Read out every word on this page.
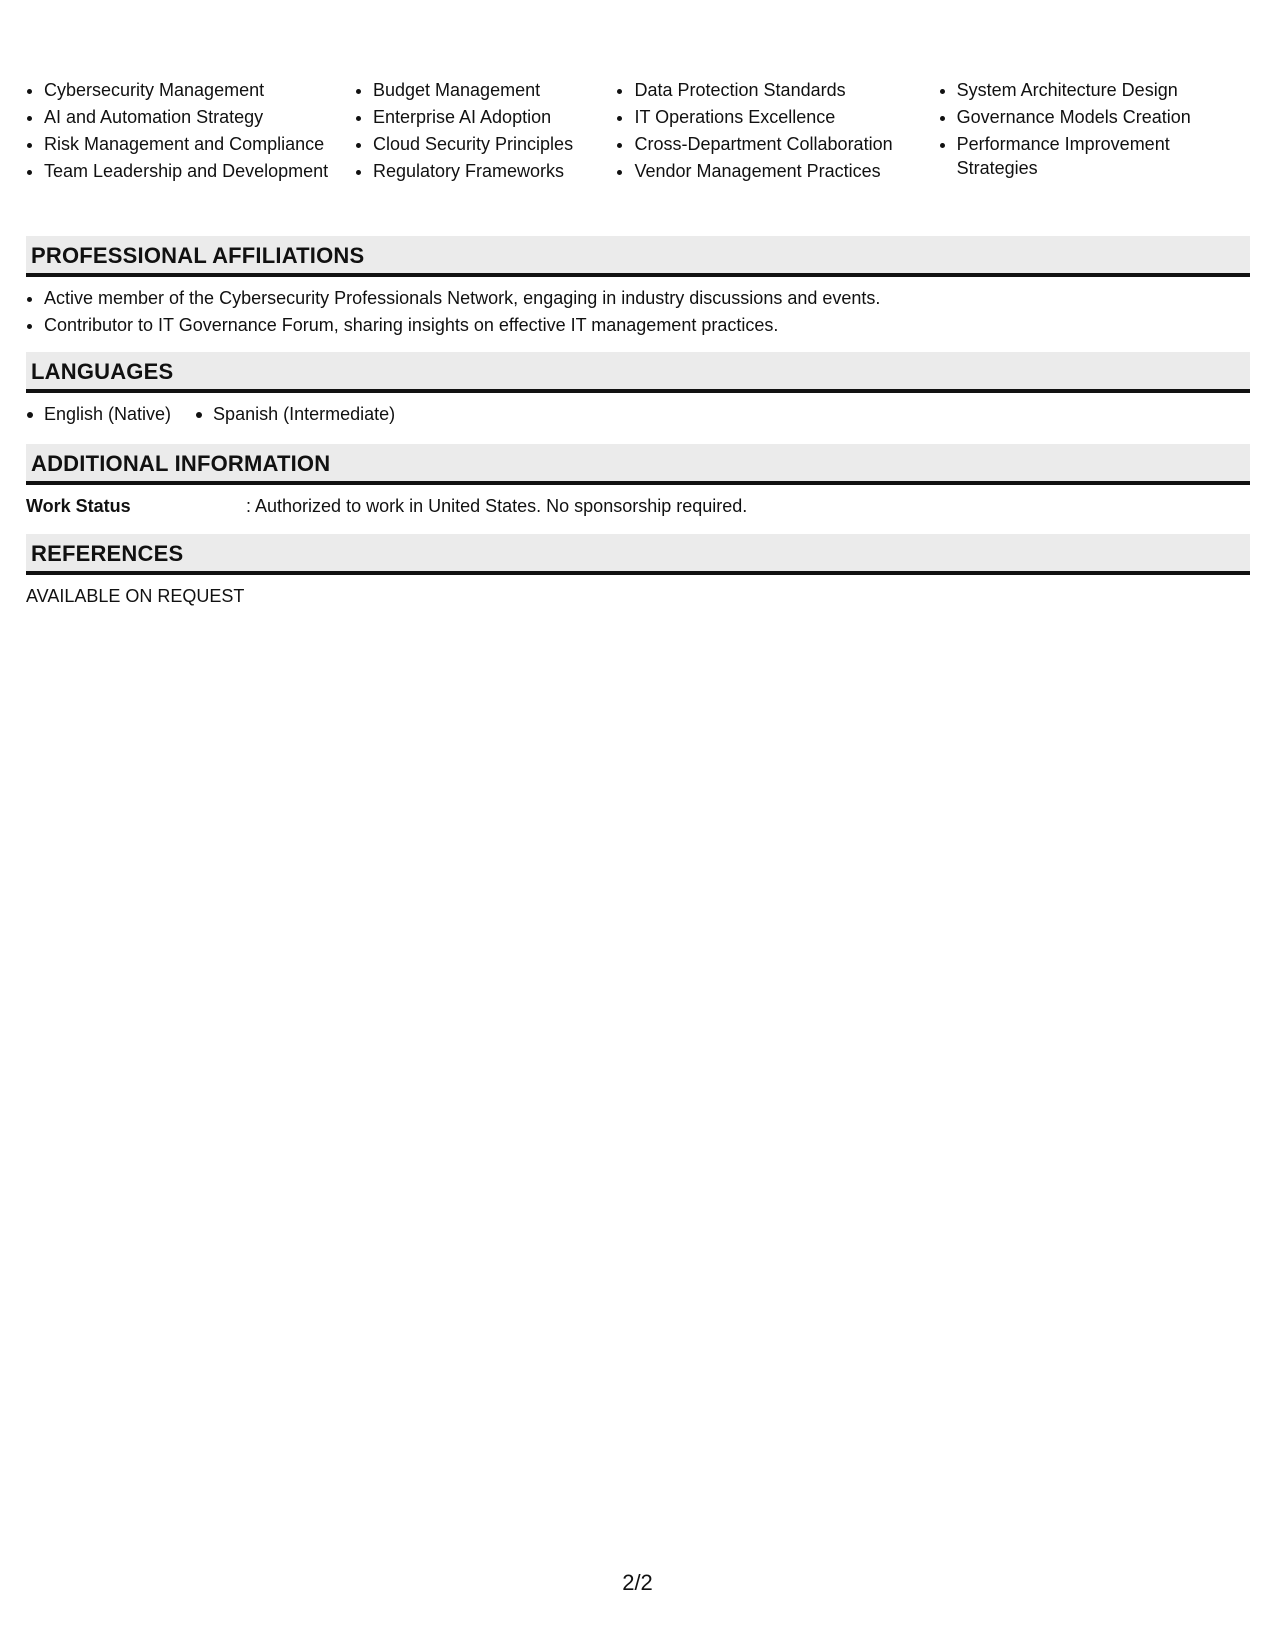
• Cybersecurity Management
• AI and Automation Strategy
• Risk Management and Compliance
• Team Leadership and Development
• Budget Management
• Enterprise AI Adoption
• Cloud Security Principles
• Regulatory Frameworks
• Data Protection Standards
• IT Operations Excellence
• Cross-Department Collaboration
• Vendor Management Practices
• System Architecture Design
• Governance Models Creation
• Performance Improvement Strategies
PROFESSIONAL AFFILIATIONS
• Active member of the Cybersecurity Professionals Network, engaging in industry discussions and events.
• Contributor to IT Governance Forum, sharing insights on effective IT management practices.
LANGUAGES
English (Native)	Spanish (Intermediate)
ADDITIONAL INFORMATION
Work Status	: Authorized to work in United States. No sponsorship required.
REFERENCES
AVAILABLE ON REQUEST
2/2
